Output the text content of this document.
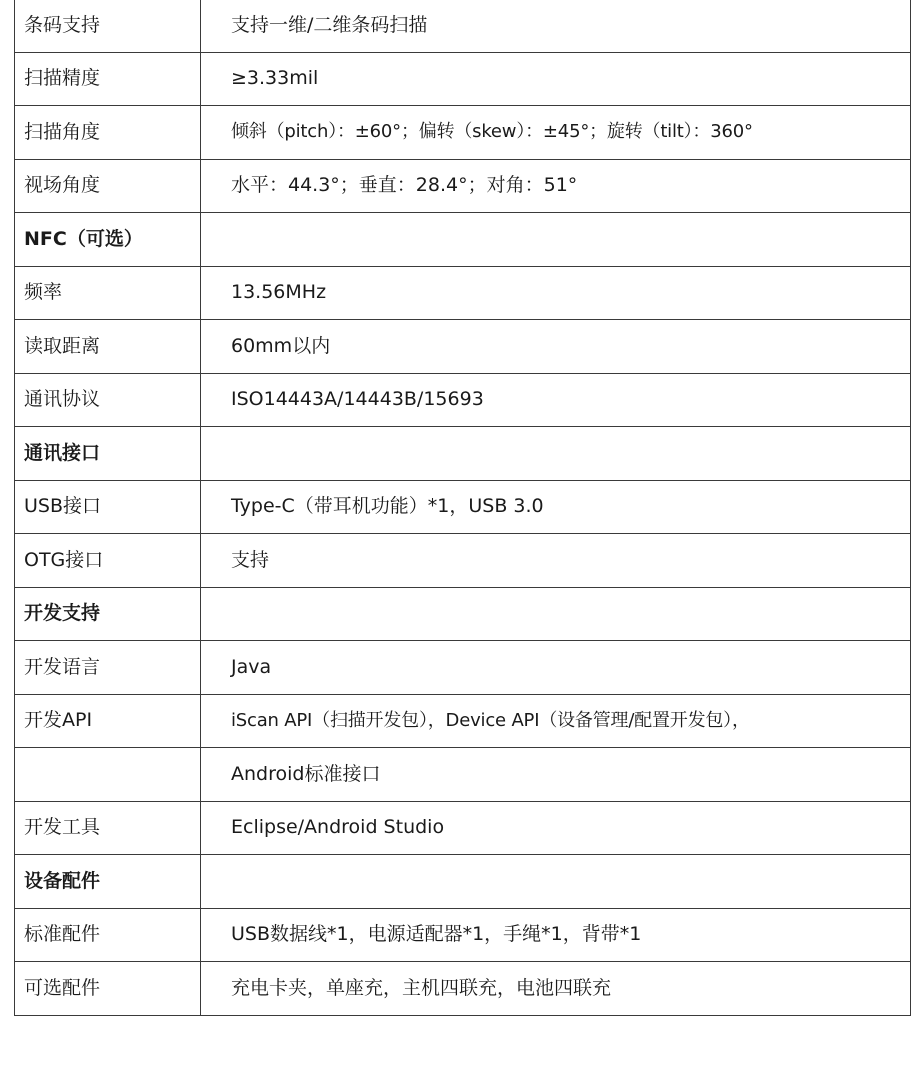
条码支持	支持一维/二维条码扫描
扫描精度	≥3.33mil
扫描角度	倾斜（pitch）：±60°；偏转（skew）：±45°；旋转（tilt）：360°
视场角度	水平：44.3°；垂直：28.4°；对角：51°
NFC（可选）	
频率	13.56MHz
读取距离	60mm以内
通讯协议	ISO14443A/14443B/15693
通讯接口	
USB接口	Type-C（带耳机功能）*1，USB 3.0
OTG接口	支持
开发支持	
开发语言	Java
开发API	iScan API（扫描开发包），Device API（设备管理/配置开发包），
	Android标准接口
开发工具	Eclipse/Android Studio
设备配件	
标准配件	USB数据线*1，电源适配器*1，手绳*1，背带*1
可选配件	充电卡夹，单座充，主机四联充，电池四联充
